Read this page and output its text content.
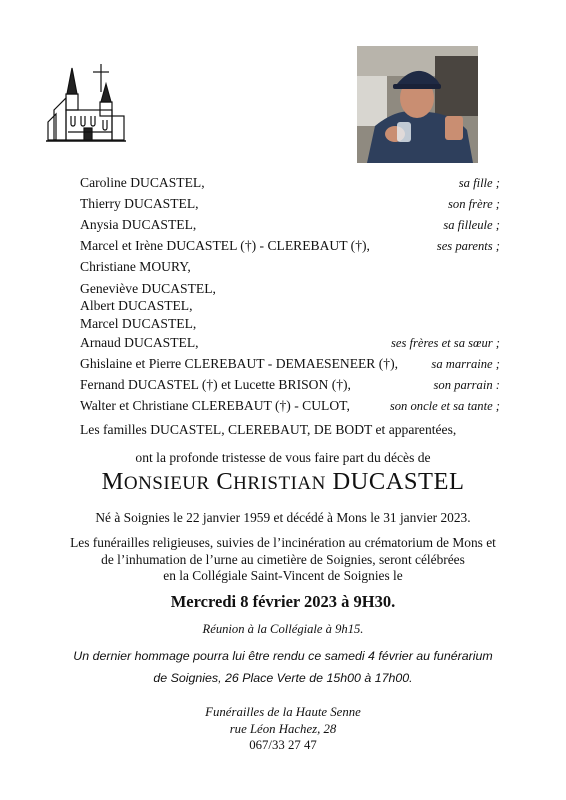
Caroline DUCASTEL,	sa fille ;
Thierry DUCASTEL,	son frère ;
Anysia DUCASTEL,	sa filleule ;
Marcel et Irène DUCASTEL (†) - CLEREBAUT (†),	ses parents ;
Christiane MOURY,
Geneviève DUCASTEL,
Albert DUCASTEL,
Marcel DUCASTEL,
Arnaud DUCASTEL,	ses frères et sa sœur ;
Ghislaine et Pierre CLEREBAUT - DEMAESENEER (†),	sa marraine ;
Fernand DUCASTEL (†) et Lucette BRISON (†),	son parrain :
Walter et Christiane CLEREBAUT (†) - CULOT,	son oncle et sa tante ;
Les familles DUCASTEL, CLEREBAUT, DE BODT et apparentées,
ont la profonde tristesse de vous faire part du décès de
MONSIEUR CHRISTIAN DUCASTEL
Né à Soignies le 22 janvier 1959 et décédé à Mons le 31 janvier 2023.
Les funérailles religieuses, suivies de l’incinération au crématorium de Mons et
de l’inhumation de l’urne au cimetière de Soignies, seront célébrées
en la Collégiale Saint-Vincent de Soignies le
Mercredi 8 février 2023 à 9H30.
Réunion à la Collégiale à 9h15.
Un dernier hommage pourra lui être rendu ce samedi 4 février au funérarium
de Soignies, 26 Place Verte de 15h00 à 17h00.
Funérailles de la Haute Senne
rue Léon Hachez, 28
067/33 27 47
